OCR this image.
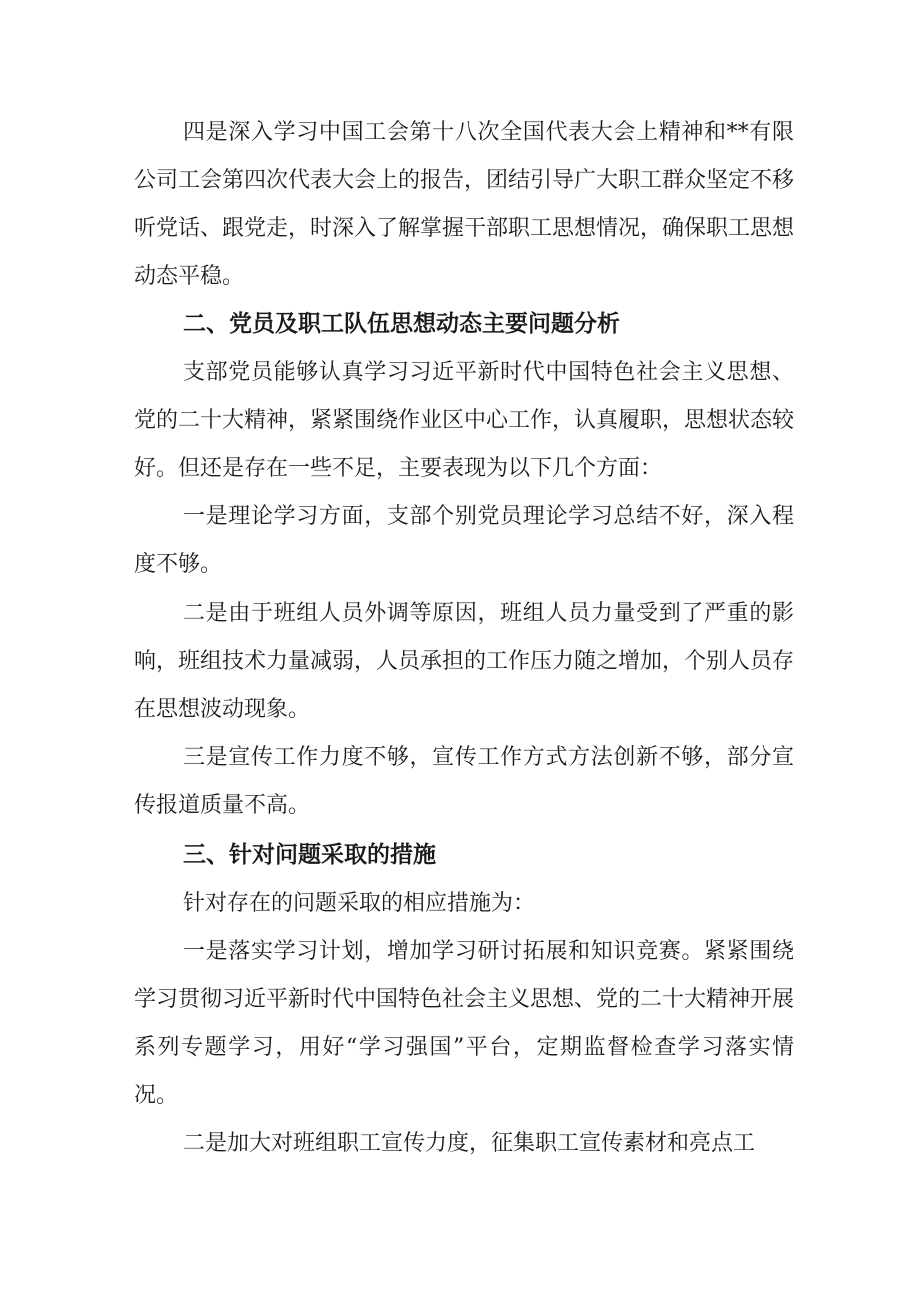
四是深入学习中国工会第十八次全国代表大会上精神和**有限公司工会第四次代表大会上的报告，团结引导广大职工群众坚定不移听党话、跟党走，时深入了解掌握干部职工思想情况，确保职工思想动态平稳。

二、党员及职工队伍思想动态主要问题分析

支部党员能够认真学习习近平新时代中国特色社会主义思想、党的二十大精神，紧紧围绕作业区中心工作，认真履职，思想状态较好。但还是存在一些不足，主要表现为以下几个方面：

一是理论学习方面，支部个别党员理论学习总结不好，深入程度不够。

二是由于班组人员外调等原因，班组人员力量受到了严重的影响，班组技术力量减弱，人员承担的工作压力随之增加，个别人员存在思想波动现象。

三是宣传工作力度不够，宣传工作方式方法创新不够，部分宣传报道质量不高。

三、针对问题采取的措施

针对存在的问题采取的相应措施为：

一是落实学习计划，增加学习研讨拓展和知识竞赛。紧紧围绕学习贯彻习近平新时代中国特色社会主义思想、党的二十大精神开展系列专题学习，用好“学习强国”平台，定期监督检查学习落实情况。

二是加大对班组职工宣传力度，征集职工宣传素材和亮点工
